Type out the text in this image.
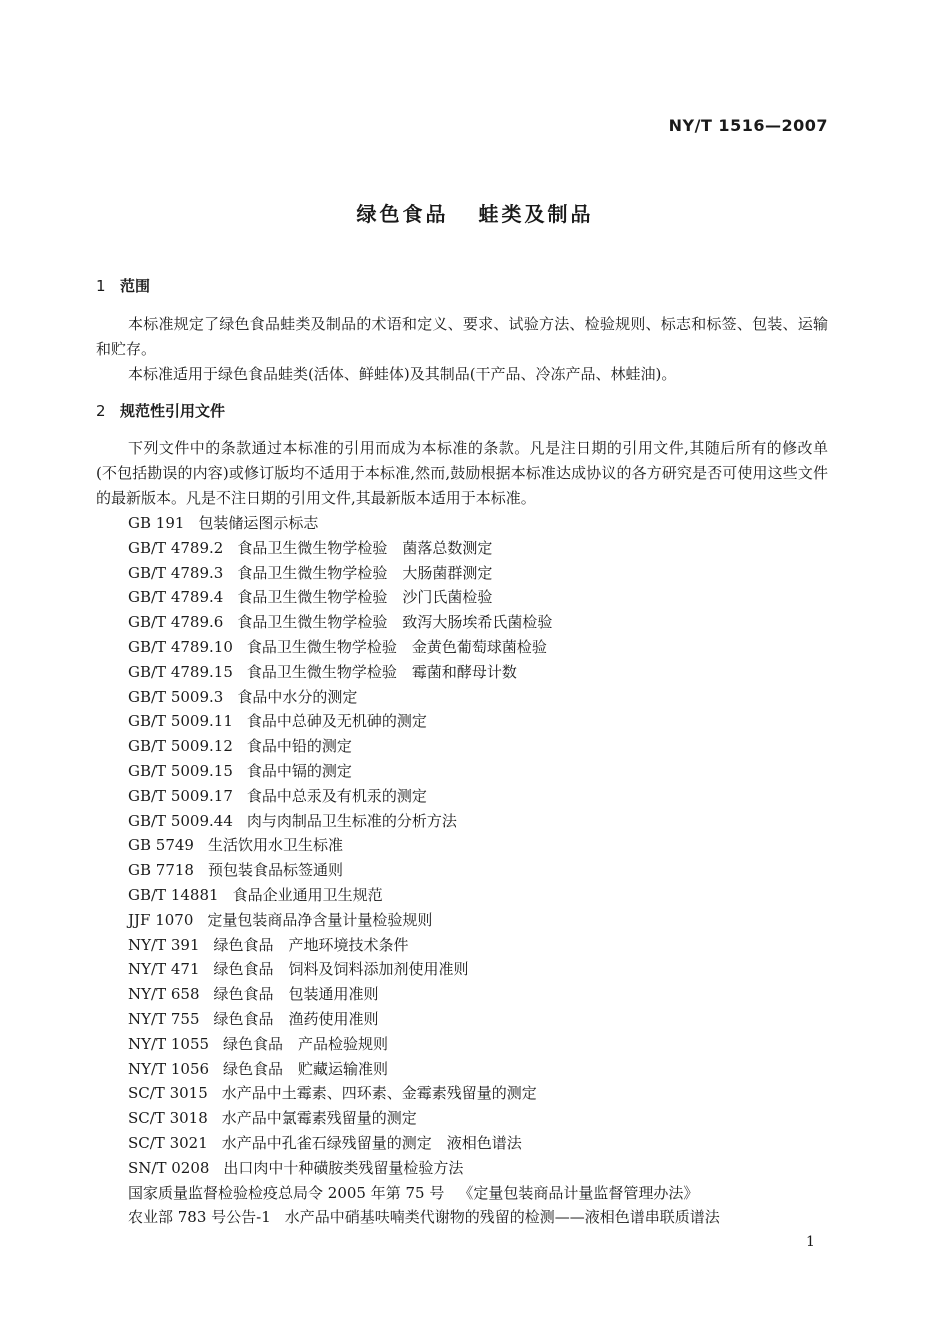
NY/T 1516—2007
绿色食品 蛙类及制品
1 范围
本标准规定了绿色食品蛙类及制品的术语和定义、要求、试验方法、检验规则、标志和标签、包装、运输和贮存。
本标准适用于绿色食品蛙类(活体、鲜蛙体)及其制品(干产品、冷冻产品、林蛙油)。
2 规范性引用文件
下列文件中的条款通过本标准的引用而成为本标准的条款。凡是注日期的引用文件,其随后所有的修改单(不包括勘误的内容)或修订版均不适用于本标准,然而,鼓励根据本标准达成协议的各方研究是否可使用这些文件的最新版本。凡是不注日期的引用文件,其最新版本适用于本标准。
GB 191 包装储运图示标志
GB/T 4789.2 食品卫生微生物学检验　菌落总数测定
GB/T 4789.3 食品卫生微生物学检验　大肠菌群测定
GB/T 4789.4 食品卫生微生物学检验　沙门氏菌检验
GB/T 4789.6 食品卫生微生物学检验　致泻大肠埃希氏菌检验
GB/T 4789.10 食品卫生微生物学检验　金黄色葡萄球菌检验
GB/T 4789.15 食品卫生微生物学检验　霉菌和酵母计数
GB/T 5009.3 食品中水分的测定
GB/T 5009.11 食品中总砷及无机砷的测定
GB/T 5009.12 食品中铅的测定
GB/T 5009.15 食品中镉的测定
GB/T 5009.17 食品中总汞及有机汞的测定
GB/T 5009.44 肉与肉制品卫生标准的分析方法
GB 5749 生活饮用水卫生标准
GB 7718 预包装食品标签通则
GB/T 14881 食品企业通用卫生规范
JJF 1070 定量包装商品净含量计量检验规则
NY/T 391 绿色食品　产地环境技术条件
NY/T 471 绿色食品　饲料及饲料添加剂使用准则
NY/T 658 绿色食品　包装通用准则
NY/T 755 绿色食品　渔药使用准则
NY/T 1055 绿色食品　产品检验规则
NY/T 1056 绿色食品　贮藏运输准则
SC/T 3015 水产品中土霉素、四环素、金霉素残留量的测定
SC/T 3018 水产品中氯霉素残留量的测定
SC/T 3021 水产品中孔雀石绿残留量的测定　液相色谱法
SN/T 0208 出口肉中十种磺胺类残留量检验方法
国家质量监督检验检疫总局令 2005 年第 75 号 《定量包装商品计量监督管理办法》
农业部 783 号公告-1 水产品中硝基呋喃类代谢物的残留的检测——液相色谱串联质谱法
1
